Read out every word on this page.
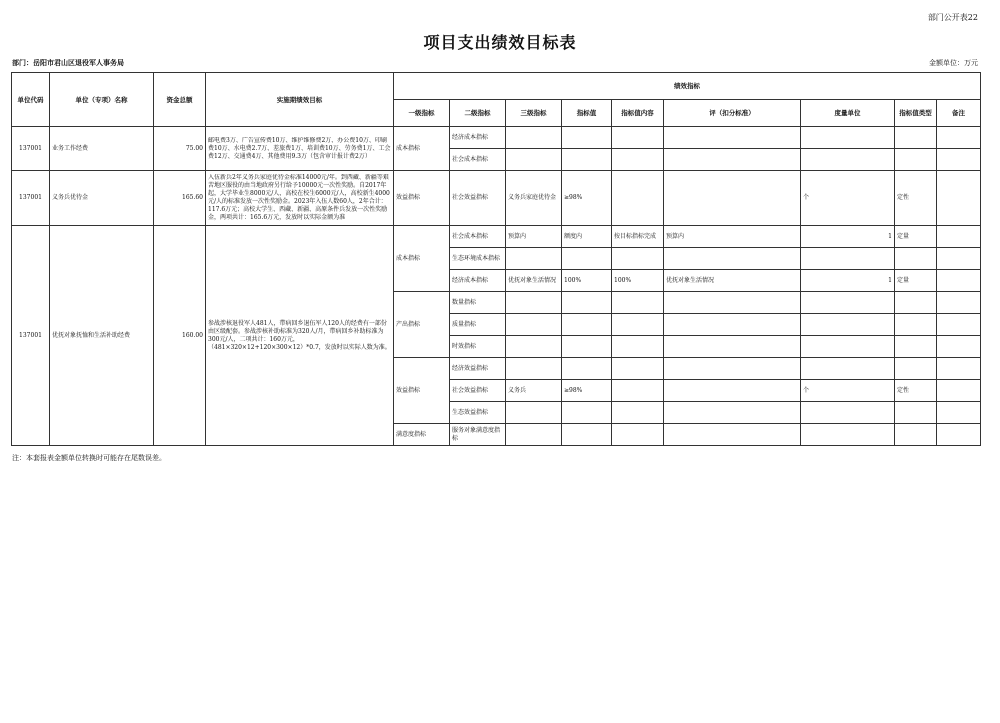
部门公开表22
项目支出绩效目标表
部门：岳阳市君山区退役军人事务局	金额单位：万元
单位代码	单位（专项）名称	资金总额	实施期绩效目标	绩效指标								
				一级指标	二级指标	三级指标	指标值	指标值内容	评（扣分标准）	度量单位	指标值类型	备注
137001	业务工作经费	75.00	邮电费3万、广告宣传费10万、维护维修费2万、办公费10万、印刷费10万、水电费2.7万、差旅费1万、培训费10万、劳务费1万、工会费12万、交通费4万、其他费用9.3万（包含审计报计费2万）	成本指标	经济成本指标							
					社会成本指标							
137001	义务兵优待金	165.60	入伍新兵2年义务兵家庭优待金标准14000元/年。到西藏、新疆等艰苦地区服役的由当地政府另行给予10000元一次性奖励。自2017年起，大学毕业生8000元/人，高校在校生6000元/人，高校新生4000元/人的标准发放一次性奖励金。2023年入伍人数60人，2年合计：117.6万元；高校大学生、西藏、新疆、高原条件兵发放一次性奖励金，两项共计：165.6万元，发放时以实际金额为准	效益指标	社会效益指标	义务兵家庭优待金	≥98%			个	定性	
137001	优抚对象抚恤和生活补助经费	160.00	参战涉核退役军人481人，带病回乡退伍军人120人的经费有一部份由区级配套。参战涉核补助标准为320人/月，带病回乡补助标准为300元/人，二项共计：160万元，（481×320×12+120×300×12）*0.7，发放时以实际人数为准。	成本指标	社会成本指标	预算内	额度内	按目标指标完成	预算内	1	定量	
					生态环境成本指标							
					经济成本指标	优抚对象生活情况	100%	100%	优抚对象生活情况	1	定量	
				产出指标	数量指标							
					质量指标							
					时效指标							
				效益指标	经济效益指标							
					社会效益指标	义务兵	≥98%			个	定性	
					生态效益指标							
				满意度指标	服务对象满意度指标							
注：本套报表金额单位转换时可能存在尾数误差。
